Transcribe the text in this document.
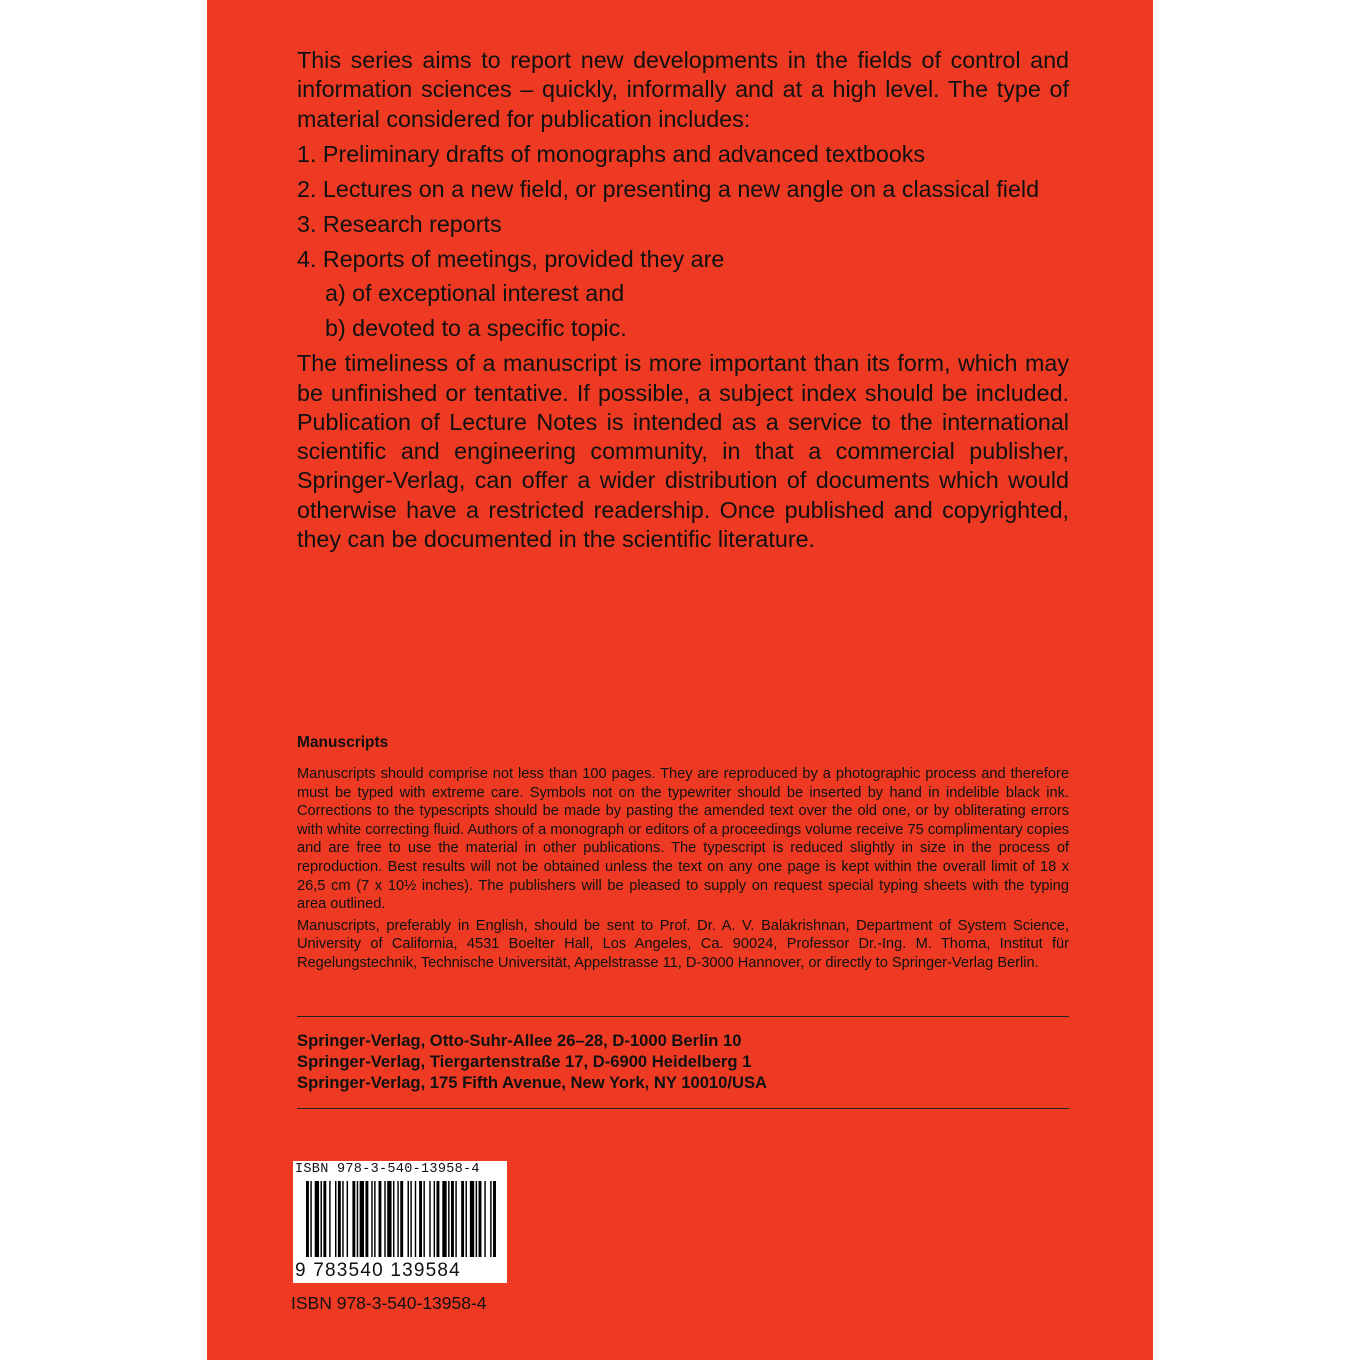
This series aims to report new developments in the fields of control and information sciences – quickly, informally and at a high level. The type of material considered for publication includes:

1. Preliminary drafts of monographs and advanced textbooks
2. Lectures on a new field, or presenting a new angle on a classical field
3. Research reports
4. Reports of meetings, provided they are
a) of exceptional interest and
b) devoted to a specific topic.

The timeliness of a manuscript is more important than its form, which may be unfinished or tentative. If possible, a subject index should be included. Publication of Lecture Notes is intended as a service to the international scientific and engineering community, in that a commercial publisher, Springer-Verlag, can offer a wider distribution of documents which would otherwise have a restricted readership. Once published and copyrighted, they can be documented in the scientific literature.

Manuscripts

Manuscripts should comprise not less than 100 pages. They are reproduced by a photographic process and therefore must be typed with extreme care. Symbols not on the typewriter should be inserted by hand in indelible black ink. Corrections to the typescripts should be made by pasting the amended text over the old one, or by obliterating errors with white correcting fluid. Authors of a monograph or editors of a proceedings volume receive 75 complimentary copies and are free to use the material in other publications. The typescript is reduced slightly in size in the process of reproduction. Best results will not be obtained unless the text on any one page is kept within the overall limit of 18 x 26,5 cm (7 x 10½ inches). The publishers will be pleased to supply on request special typing sheets with the typing area outlined.

Manuscripts, preferably in English, should be sent to Prof. Dr. A. V. Balakrishnan, Department of System Science, University of California, 4531 Boelter Hall, Los Angeles, Ca. 90024, Professor Dr.-Ing. M. Thoma, Institut für Regelungstechnik, Technische Universität, Appelstrasse 11, D-3000 Hannover, or directly to Springer-Verlag Berlin.

Springer-Verlag, Otto-Suhr-Allee 26–28, D-1000 Berlin 10
Springer-Verlag, Tiergartenstraße 17, D-6900 Heidelberg 1
Springer-Verlag, 175 Fifth Avenue, New York, NY 10010/USA
ISBN 978-3-540-13958-4
9 783540 139584
ISBN 978-3-540-13958-4
